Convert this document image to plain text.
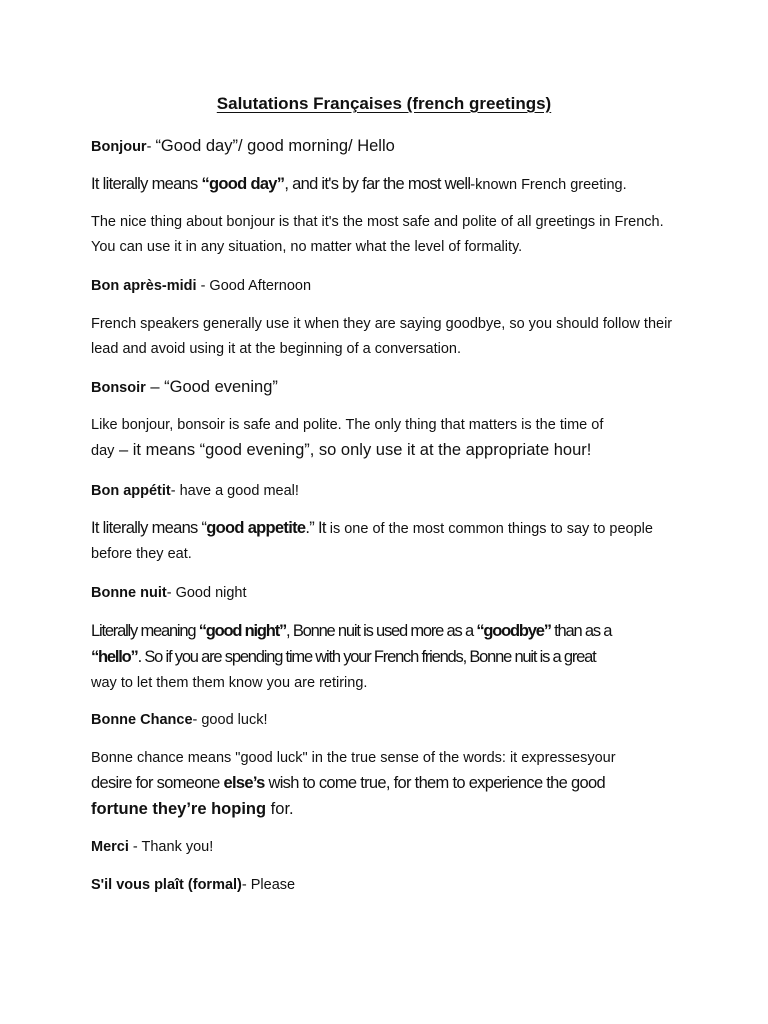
Salutations Françaises (french greetings)
Bonjour- “Good day”/ good morning/ Hello
It literally means “good day”, and it's by far the most well-known French greeting.
The nice thing about bonjour is that it's the most safe and polite of all greetings in French. You can use it in any situation, no matter what the level of formality.
Bon après-midi - Good Afternoon
French speakers generally use it when they are saying goodbye, so you should follow their lead and avoid using it at the beginning of a conversation.
Bonsoir – “Good evening”
Like bonjour, bonsoir is safe and polite. The only thing that matters is the time of
day – it means “good evening”, so only use it at the appropriate hour!
Bon appétit- have a good meal!
It literally means “good appetite.” It is one of the most common things to say to people before they eat.
Bonne nuit- Good night
Literally meaning “good night”, Bonne nuit is used more as a “goodbye” than as a
“hello”. So if you are spending time with your French friends, Bonne nuit is a great
way to let them them know you are retiring.
Bonne Chance- good luck!
Bonne chance means "good luck" in the true sense of the words: it expressesyour
desire for someone else’s wish to come true, for them to experience the good
fortune they’re hoping for.
Merci - Thank you!
S'il vous plaît (formal)- Please
